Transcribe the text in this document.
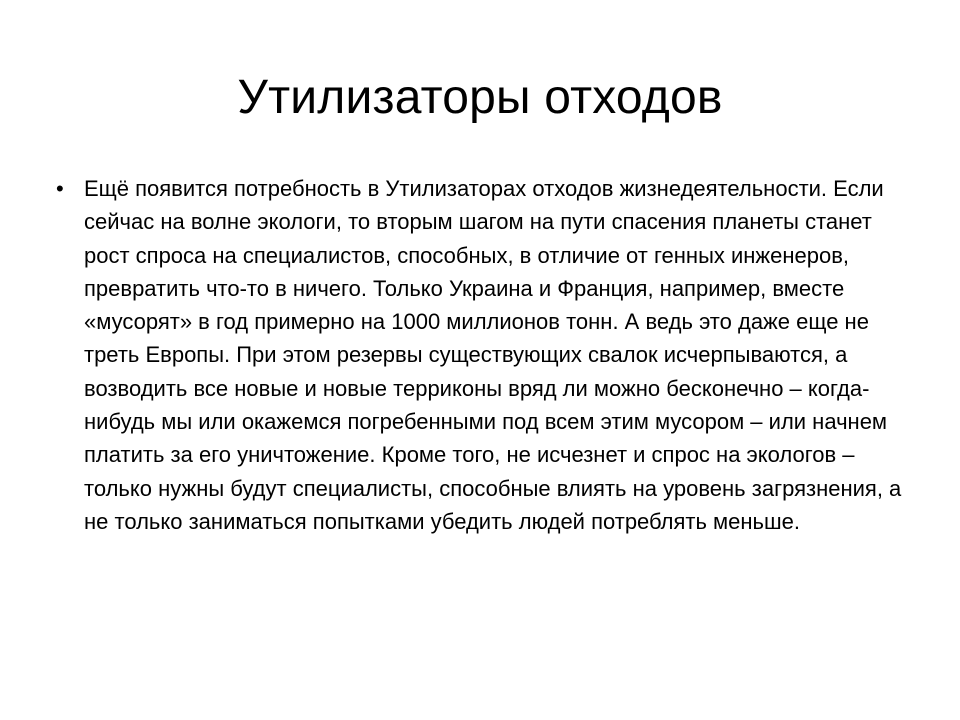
Утилизаторы отходов
• Ещё появится потребность в Утилизаторах отходов жизнедеятельности. Если сейчас на волне экологи, то вторым шагом на пути спасения планеты станет рост спроса на специалистов, способных, в отличие от генных инженеров, превратить что-то в ничего. Только Украина и Франция, например, вместе «мусорят» в год примерно на 1000 миллионов тонн. А ведь это даже еще не треть Европы. При этом резервы существующих свалок исчерпываются, а возводить все новые и новые терриконы вряд ли можно бесконечно – когда-нибудь мы или окажемся погребенными под всем этим мусором – или начнем платить за его уничтожение. Кроме того, не исчезнет и спрос на экологов –только нужны будут специалисты, способные влиять на уровень загрязнения, а не только заниматься попытками убедить людей потреблять меньше.
